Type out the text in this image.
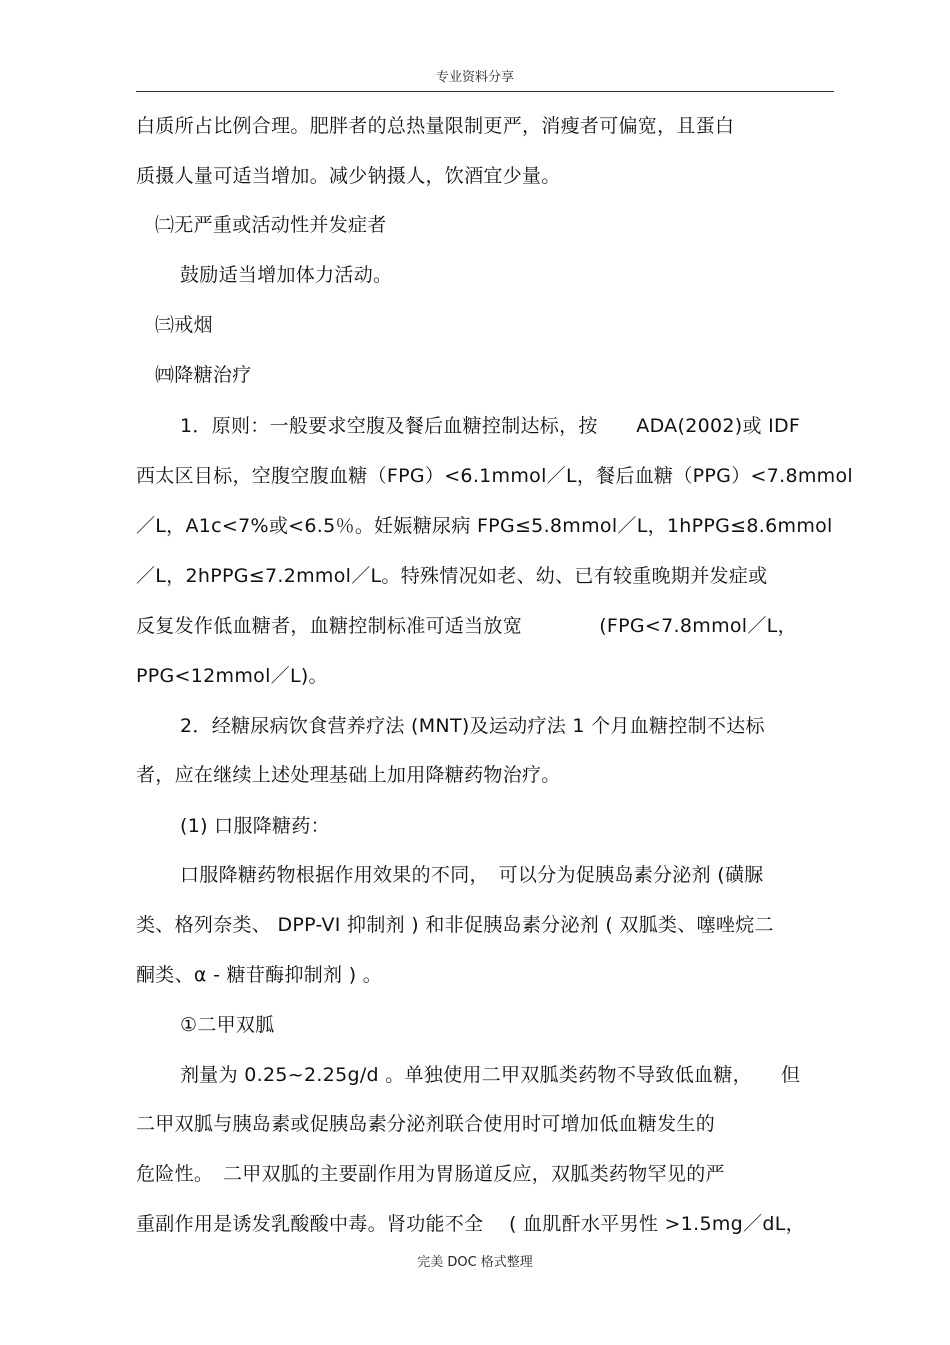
专业资料分享
白质所占比例合理。肥胖者的总热量限制更严，消瘦者可偏宽，且蛋白
质摄人量可适当增加。减少钠摄人，饮酒宜少量。
㈡无严重或活动性并发症者
鼓励适当增加体力活动。
㈢戒烟
㈣降糖治疗
1．原则：一般要求空腹及餐后血糖控制达标，按　　ADA(2002)或 IDF
西太区目标，空腹空腹血糖（FPG）<6.1mmol／L，餐后血糖（PPG）<7.8mmol
／L，A1c<7%或<6.5％。妊娠糖尿病 FPG≤5.8mmol／L，1hPPG≤8.6mmol
／L，2hPPG≤7.2mmol／L。特殊情况如老、幼、已有较重晚期并发症或
反复发作低血糖者，血糖控制标准可适当放宽　　　　(FPG<7.8mmol／L，
PPG<12mmol／L)。
2．经糖尿病饮食营养疗法 (MNT)及运动疗法 1 个月血糖控制不达标
者，应在继续上述处理基础上加用降糖药物治疗。
(1) 口服降糖药：
口服降糖药物根据作用效果的不同，　可以分为促胰岛素分泌剂 (磺脲
类、格列奈类、 DPP-VI 抑制剂 ) 和非促胰岛素分泌剂 ( 双胍类、噻唑烷二
酮类、α - 糖苷酶抑制剂 ) 。
①二甲双胍
剂量为 0.25~2.25g/d 。单独使用二甲双胍类药物不导致低血糖，　　但
二甲双胍与胰岛素或促胰岛素分泌剂联合使用时可增加低血糖发生的
危险性。　二甲双胍的主要副作用为胃肠道反应，双胍类药物罕见的严
重副作用是诱发乳酸酸中毒。肾功能不全　 ( 血肌酐水平男性 >1.5mg／dL，
完美 DOC 格式整理
